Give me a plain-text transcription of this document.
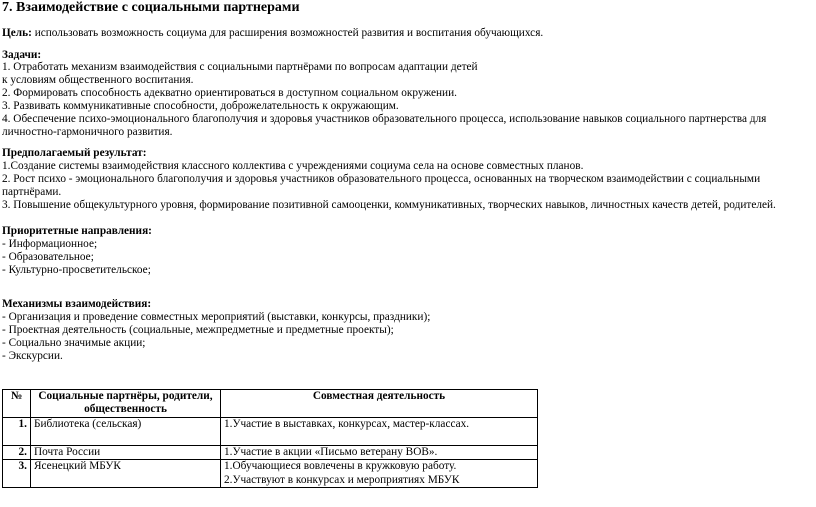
7. Взаимодействие с социальными партнерами
Цель: использовать возможность социума для расширения возможностей развития и воспитания обучающихся.
Задачи:
1. Отработать механизм взаимодействия с социальными партнёрами по вопросам адаптации детей
к условиям общественного воспитания.
2. Формировать способность адекватно ориентироваться в доступном социальном окружении.
3. Развивать коммуникативные способности, доброжелательность к окружающим.
4. Обеспечение психо-эмоционального благополучия и здоровья участников образовательного процесса, использование навыков социального партнерства для
личностно-гармоничного развития.
Предполагаемый результат:
1.Создание системы взаимодействия классного коллектива с учреждениями социума села на основе совместных планов.
2. Рост психо - эмоционального благополучия и здоровья участников образовательного процесса, основанных на творческом взаимодействии с социальными
партнёрами.
3. Повышение общекультурного уровня, формирование позитивной самооценки, коммуникативных, творческих навыков, личностных качеств детей, родителей.
Приоритетные направления:
- Информационное;
- Образовательное;
- Культурно-просветительское;
Механизмы взаимодействия:
- Организация и проведение совместных мероприятий (выставки, конкурсы, праздники);
- Проектная деятельность (социальные, межпредметные и предметные проекты);
- Социально значимые акции;
- Экскурсии.
№	Социальные партнёры, родители,
общественность	Совместная деятельность
1.	Библиотека (сельская)	1.Участие в выставках, конкурсах, мастер-классах.

2.	Почта России	1.Участие в акции «Письмо ветерану ВОВ».

3.	Ясенецкий МБУК	1.Обучающиеся вовлечены в кружковую работу.
2.Участвуют в конкурсах и мероприятиях МБУК
